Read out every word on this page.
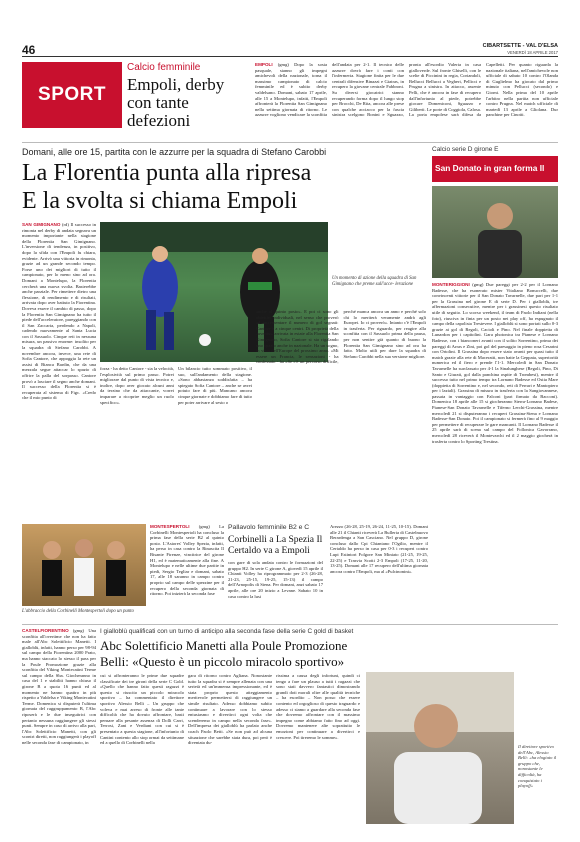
46	CIBARTSETTE - VAL D'ELSA
VENERDÌ 18 APRILE 2017
SPORT
Calcio femminile
Empoli, derby con tante defezioni
EMPOLI (gmg) Dopo la sosta pasquale, stanno gli impegni amichevoli della nazionale, torna il massimo campionato di calcio femminile ed è subito derby valdelsano. Domani, sabato 17 aprile, alle 15 a Montelupo, infatti, l'Empoli affronterà la Florentia San Gimignano nella settima giornata di ritorno. Le azzurre vogliono vendicare la sconfitta dell'andata per 2-1. Il tecnico delle azzurre dovrà fare i conti con l'infermeria. Stagione finita per le due centrali difensive Binazzi e Giatras, in recupero la giovane centrale Fabbroni. Su diversi giocatrici stanno recuperando forma dopo il lungo stop per Brocchi, De Rita, ancora alle prese con qualche acciacco per la fascia sinistra scelgono Bonini e Sguazzo, pronta all'esordio Valeria in casa gialloverde. Sul fronte Ghiselli, con le scelte di Piccinini in regia, Coriandoli, Bellucci Bellucci a Vegheri, Pellicci e Prugna a sinistra. In attacco, assente Pelli, che è ancora in fase di recupero dall'infortunio al piede, potrebbe giocare Domeniconi, Sguazzo e Giliberti. Le porte di Coggiola, Calosa. La porta empolese sarà difesa da Capelletti. Per quanto riguarda la nazionale italiana, nell'amichevole non ufficiale di sabato 10 contro l'Olanda di Guglielmo ha giocato dal primo minuto con Pellucci (secondo) e Giorni. Nella prima del 10 aprile l'arbitro nella partita non ufficiale contro Prugna. Nel match ufficiale di martedì 13 aprile a Gliolana. Dur panchine per Cinotti.
Domani, alle ore 15, partita con le azzurre per la squadra di Stefano Carobbi
La Florentia punta alla ripresa
E la svolta si chiama Empoli
SAN GIMIGNANO (rd) Il successo in rimonta nel derby di andata segnava un momento importante nella stagione della Florentia San Gimignano. L'inversione di tendenza, in positivo, dopo la sfida con l'Empoli fu chiara, evidente. Arrivò una vittoria in rimonta, grazie ad un grande secondo tempo. Forse uno dei migliori di tutto il campionato, per lo meno sino ad ora. Domani a Montelupo, la Florentia cercherà una nuova svolta. Basterebbe anche parziale. Per rimettere dietro una flessione, di rendimento e di risultati, arrivata dopo aver battuto la Fiorentina. Doveva essere il cambio di passo, dopo la Florentia San Gimignano ha tutto il piede dell'acceleratore, pareggiando con il San Zaccaria, perdendo a Napoli, cadendo nuovamente al Santa Lucia con il Sassuolo. Cinque reti in nessuna misura, un passivo enorme: insolito per la squadra di Stefano Carobbi. A novembre ancora, invece, una rete di Sofia Cantore, che appoggia la rete un assist di Bianca Bardin, che da una mezzala segue attaccar lo spazio di offrire la palla del sorpasso. Cantore provò a lasciare il segno anche domani. Il successo della Florentia si è recuperata al sistema di Figc. «Credo che il mio punto di
Un momento di azione della squadra di San Gimignano che preme sull'acce- lerazione
forza - ha detto Cantore - sia la velocità, l'esplosività sul primo passo. Potrei migliorare dal punto di vista tecnico e, inoltre, dopo aver giocato alcuni anni da terzino che da attaccante, vorrei imparare a ricoprire meglio un ruolo specifico».
Un bilancio tutto sommato positivo, il suo, sull'andamento della stagione. «Sono abbastanza soddisfatta – ha spiegato Sofia Cantore – anche se avrei potuto fare di più. Mancano ancora cinque giornate e dobbiamo fare di tutto per poter arrivare al sesto o
anche al quinto posto». E poi ci sono gli obiettivi individuali, nel senso che proverò ad incrementare il numero di gol segnati: Cantore è a cinque centri. Di proprietà della Juventus, arrivata in estate alla Florentia San Gimignano, Sofia Cantore si sta rigalando uno spazio anche in nazionale. Ha un sogno, in vista dell'Europe del prossimo anno. «Mi essere un Francia, le sensazioni - ha confessato - ha «Se c'è un percorso difficile, perché manca ancora un anno e perché solo chi lo meriterà veramente andrà agli Europei. Io ci proverò». Intanto c'è l'Empoli in trasferta. Per riguardo, per reagire alla sconfitta con il Sassuolo prima della pausa, per non sentire già quanto di buono la Florentia San Gimignano sino ad ora ha fatto. Molto utili per dare la squadra di Stefano Carobbi nella sua versione migliore.
Calcio serie D girone E
San Donato in gran forma Il
MONTERIGGIONI (gmg) Due pareggi per 2-2 per il Lornano Badesse, che ha esonerato mister Vitaliano Bonuccelli, due convincenti vittorie per il San Donato Tavarnelle, due pari per 1-1 per la Grassina nel girone E di serie D. Per i gialloblù, tre affermazioni consecutive, mentre per i grassinesi questo risultato utile di seguito. Lo scorso weekend, il team di Paolo Indiani (nella foto), riusciva in finta per un posto nei play off, ha espugnato il campo della capolista Trestevere. I gialloblù si sono portati sullo 0-3 grazie ai gol di Regoli, Cacioli e Pino. Nel finale doppietta di Lunardon per i capitolini. Gara photonica tra Pianese e Lornano Badesse, con i bianconeri avanti con il solito Sorrentino, prima dei pareggi di Arras e Zini, poi gol del paesaggio in pieno rosa Cesarini con Ortolini. Il Grassina dopo essere stato avanti per quasi tutto il match grazie alla rete di Maceratti, non batte la Geppata, superiorità numerica ed il fiero e prende l'1-1. Mercoledì in San Donato Tavarnelle ha surclassato per 4-1 la Sinalunghese (Regoli, Pino, Di Santo e Giurati, gol dalla panchina ospite di Trombesi), mentre il successo tutto nel primo tempo tra Lornano Badesse ed Ostia Mare (doppietta di Sorrentino e, nel secondo, reti di Ferrari e Mantopiero per i laziali). Grassina di misura in trasferta con la Sangiovannese, passata in vantaggio con Falconi (pari firmato da Bacconi). Domenica 18 aprile alle 15 si giocheranno Sierra-Lornano Badese, Pianese-San Donato Tavarnelle e Tiferno Lerchi-Grassina, mentre mercoledì 21 si disputeranno i recuperi Grassina-Siena e Lornano Badesse-San Donato. Poi il campionato si fermerà fino al 9 maggio per permettere di recuperare le gare mancanti. Il Lornano Badesse il 25 aprile sarà di scena sul campo del Follonica Gavorrano, mercoledì 28 riceverà il Montevarchi ed il 2 maggio giocherà in trasferta contro lo Sporting Trestina.
L'abbraccio della Corbinelli Montespertoli dopo un punto
MONTESPERTOLI (gmg) La Corbinelli Montespertoli ha concluso la prima fase della serie B2 al quinto posto. L'Astores' Volley Spezia, infatti, ha perso in casa contro la Rinascita Il Bisante Firenze, vincitrice del girone H1, ed è matematicamente alla fine. A Montelupo e nelle ultime due partite in piedi, Sergio Tegliar e domani, sabato 17, alle 18 saranno in campo contro proprio sul campo delle spezzine per il recupero della seconda giornata di ritorno. Poi inizierà la seconda fase
Pallavolo femminile B2 e C
Corbinelli a La Spezia Il Certaldo va a Empoli
con gare di sola andata contro le formazioni del gruppo H2. In serie C girone A, giovedì 15 aprile il Chianti Volley ha riprogrammato per 2-3 (26-28, 21-23, 25-15, 19-25, 15-13) il campo dell'Arnopolis di Siena. Per domani, anzi sabato 17 aprile, alle ore 20 inizio a Levane. Sabato 10 in casa contro la lusi
Arezzo (26-28, 25-19, 26-24, 11-25, 10-15). Domani alle 21 il Chianti riceverà La Bulleria di Castelnuovo Berardenga a San Casciano. Nel gruppo D, girone concluso dallo Cpi Chiantano l'Ogilio, mentre il Certaldo ha perso in casa per 0-3 i recuperi contro Lupi Estintori Folgore San Miniato (21-25, 19-25, 22-25) e Trasvia Scotti 2-3 Empoli (17-25, 11-20, 13-25). Domani alle 17 recupero dell'ultima giornata ancora contro l'Empoli, ma al «Pulcinonini».
CASTELFIORENTINO (gmg) Una sconfitta all'overtime che non ha fatto male all'Abc Solettificio Manetti. I gialloblù, infatti, hanno perso per 98-94 sul campo della Fiorentina 2000 Prato, ma hanno staccato lo stesso il pass per la Poule Promozione grazie alla sconfitta del Viking Montecatini Terme sul campo della Sba. Giocheranno in casa del 1 e stabiliti hanno chiuso il girone B a quota 16 punti ed al momento ne hanno quattro in più rispetto a Valdelsa e Viking Montecatini Terme. Domenica si disputerà l'ultima giornata del raggruppamento B, l'Abc riposerà e le due inseguitrici con pertanto nessuna raggiungere gli stessi punti. Sempre in caso di arrivo alla pari, l'Abc Solettificio Manetti, con gli scontri diretti, non raggiungerà i playoff nelle seconda fase di campionato, in
I gialloblù qualificati con un turno di anticipo alla seconda fase della serie C gold di basket
Abc Solettificio Manetti alla Poule Promozione
Belli: «Questo è un piccolo miracolo sportivo»
cui si affronteranno le prime due squadre classificate dei tre gironi della serie C Gold. «Quello che hanno fatto questi ragazzi è questo si riuscito un piccolo miracolo sportivo – ha commentato il direttore sportivo Alessio Belli – Un gruppo che voleva e mai arreso di fronte alle tante difficoltà che ha dovuto affrontare, basti pensare alla pesante assenza di Dolli Carri, Terrosi, Zani e Verdiani con cui si è presentato a questa stagione, all'infortunio di Cantini contento allo stop ormai da settimane ed a quello di Corbinelli nella
gara di ritorno contro Agliana. Nonostante tutto la squadra si è sempre allenata con una serietà ed un'immensa impressionante, ed è stata proprio questo atteggiamento meritevole permettersi di raggiungere un simile risultato. Adesso dobbiamo subito continuare a lavorare con lo stesso entusiasmo e divertirci ogni volta che scenderemo in campo nella seconda fase». Dell'impresa dei gialloblù ha parlato anche coach Paolo Betti. «Se non può ad alcuna situazione che sarebbe stata dura, poi però è diventata du-
rissima a causa degli infortuni, quindi ci tengo a fare un plauso a tutti i ragazzi che sono stati davvero fantastici dimostrando grandi doti morali oltre alle qualità tecniche – ha esordito – Non posso che essere contento ed orgoglioso di questo traguardo e adesso ci siamo a guardare alla seconda fase che dovremo affrontare con il massimo impegno come abbiamo fatto fino ad oggi. Dovremo mantenere alte soprattutto le emozioni per continuare a divertirci e crescere. Poi tireremo le somme».
Il direttore sportivo dell'Abc, Alessio Belli: «ha elogiato il gruppo che, nonostante le difficoltà, ha conquistato i playoff»
